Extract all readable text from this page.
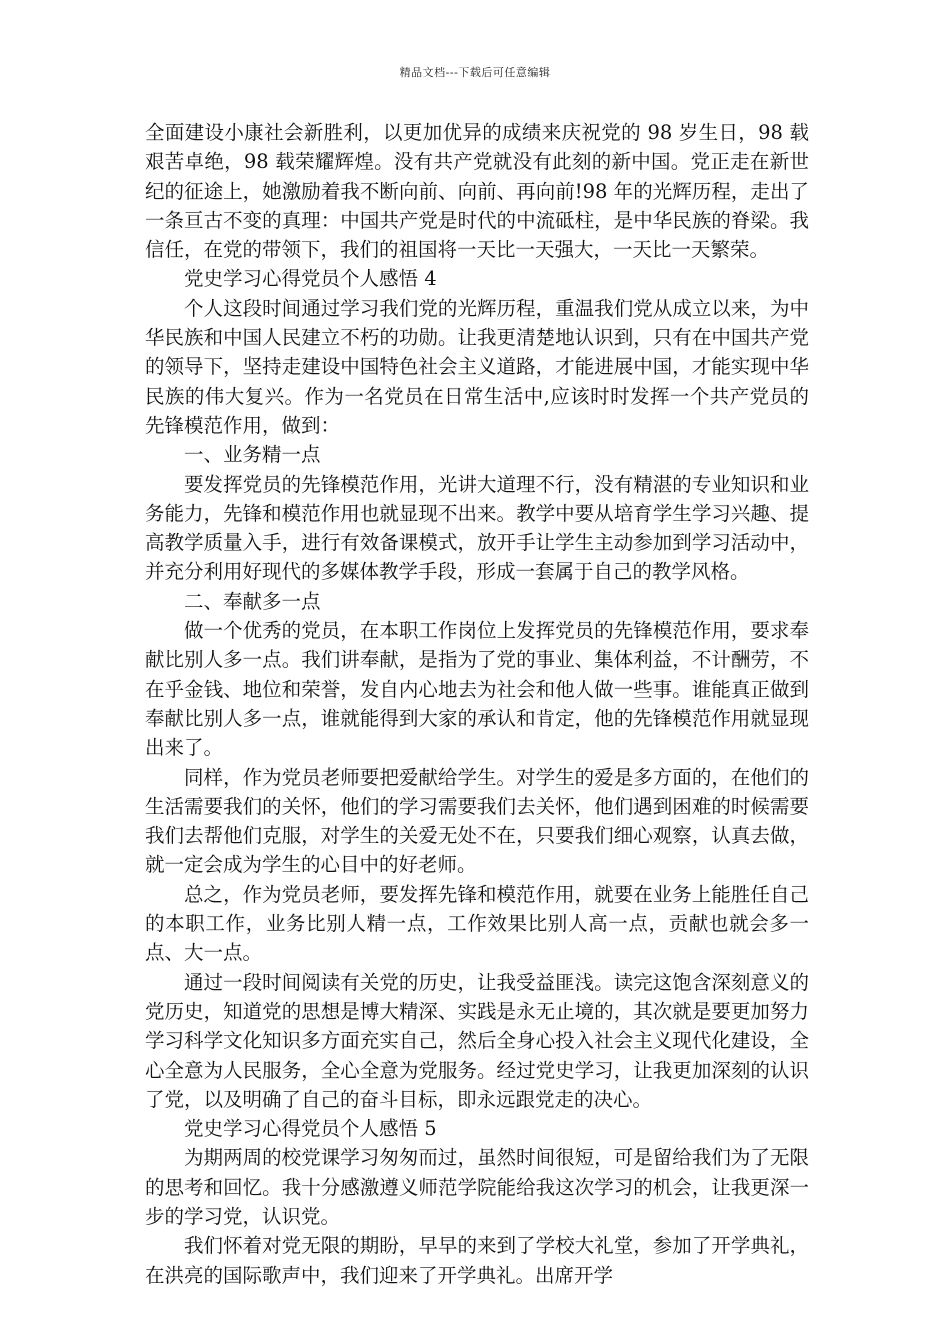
精品文档---下载后可任意编辑

全面建设小康社会新胜利，以更加优异的成绩来庆祝党的 98 岁生日，98 载艰苦卓绝，98 载荣耀辉煌。没有共产党就没有此刻的新中国。党正走在新世纪的征途上，她激励着我不断向前、向前、再向前!98 年的光辉历程，走出了一条亘古不变的真理：中国共产党是时代的中流砥柱，是中华民族的脊梁。我信任，在党的带领下，我们的祖国将一天比一天强大，一天比一天繁荣。

党史学习心得党员个人感悟 4

个人这段时间通过学习我们党的光辉历程，重温我们党从成立以来，为中华民族和中国人民建立不朽的功勋。让我更清楚地认识到，只有在中国共产党的领导下，坚持走建设中国特色社会主义道路，才能进展中国，才能实现中华民族的伟大复兴。作为一名党员在日常生活中,应该时时发挥一个共产党员的先锋模范作用，做到：

一、业务精一点

要发挥党员的先锋模范作用，光讲大道理不行，没有精湛的专业知识和业务能力，先锋和模范作用也就显现不出来。教学中要从培育学生学习兴趣、提高教学质量入手，进行有效备课模式，放开手让学生主动参加到学习活动中，并充分利用好现代的多媒体教学手段，形成一套属于自己的教学风格。

二、奉献多一点

做一个优秀的党员，在本职工作岗位上发挥党员的先锋模范作用，要求奉献比别人多一点。我们讲奉献，是指为了党的事业、集体利益，不计酬劳，不在乎金钱、地位和荣誉，发自内心地去为社会和他人做一些事。谁能真正做到奉献比别人多一点，谁就能得到大家的承认和肯定，他的先锋模范作用就显现出来了。

同样，作为党员老师要把爱献给学生。对学生的爱是多方面的，在他们的生活需要我们的关怀，他们的学习需要我们去关怀，他们遇到困难的时候需要我们去帮他们克服，对学生的关爱无处不在，只要我们细心观察，认真去做，就一定会成为学生的心目中的好老师。

总之，作为党员老师，要发挥先锋和模范作用，就要在业务上能胜任自己的本职工作，业务比别人精一点，工作效果比别人高一点，贡献也就会多一点、大一点。

通过一段时间阅读有关党的历史，让我受益匪浅。读完这饱含深刻意义的党历史，知道党的思想是博大精深、实践是永无止境的，其次就是要更加努力学习科学文化知识多方面充实自己，然后全身心投入社会主义现代化建设，全心全意为人民服务，全心全意为党服务。经过党史学习，让我更加深刻的认识了党，以及明确了自己的奋斗目标，即永远跟党走的决心。

党史学习心得党员个人感悟 5

为期两周的校党课学习匆匆而过，虽然时间很短，可是留给我们为了无限的思考和回忆。我十分感激遵义师范学院能给我这次学习的机会，让我更深一步的学习党，认识党。

我们怀着对党无限的期盼，早早的来到了学校大礼堂，参加了开学典礼，在洪亮的国际歌声中，我们迎来了开学典礼。出席开学
